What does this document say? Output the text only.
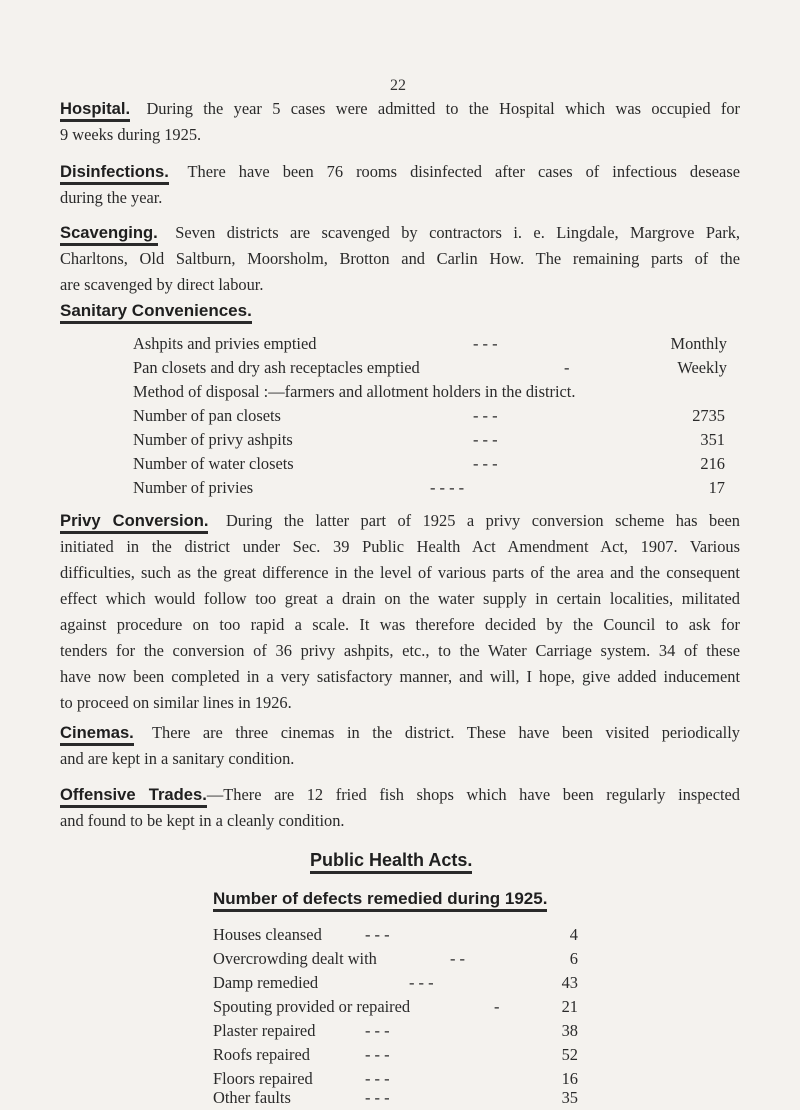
22
Hospital. During the year 5 cases were admitted to the Hospital which was occupied for
9 weeks during 1925.
Disinfections. There have been 76 rooms disinfected after cases of infectious desease
during the year.
Scavenging. Seven districts are scavenged by contractors i. e. Lingdale, Margrove Park,
Charltons, Old Saltburn, Moorsholm, Brotton and Carlin How. The remaining parts of the
are scavenged by direct labour.
Sanitary Conveniences.
Ashpits and privies emptied	- - -	Monthly
Pan closets and dry ash receptacles emptied	-	Weekly
Method of disposal :—farmers and allotment holders in the district.
Number of pan closets	- - -	2735
Number of privy ashpits	- - -	351
Number of water closets	- - -	216
Number of privies	- - - -	17
Privy Conversion. During the latter part of 1925 a privy conversion scheme has been
initiated in the district under Sec. 39 Public Health Act Amendment Act, 1907. Various
difficulties, such as the great difference in the level of various parts of the area and the consequent
effect which would follow too great a drain on the water supply in certain localities, militated
against procedure on too rapid a scale. It was therefore decided by the Council to ask for
tenders for the conversion of 36 privy ashpits, etc., to the Water Carriage system. 34 of these
have now been completed in a very satisfactory manner, and will, I hope, give added inducement
to proceed on similar lines in 1926.
Cinemas. There are three cinemas in the district. These have been visited periodically
and are kept in a sanitary condition.
Offensive Trades.—There are 12 fried fish shops which have been regularly inspected
and found to be kept in a cleanly condition.
Public Health Acts.
Number of defects remedied during 1925.
Houses cleansed	- - -	4
Overcrowding dealt with	- -	6
Damp remedied	- - -	43
Spouting provided or repaired	-	21
Plaster repaired	- - -	38
Roofs repaired	- - -	52
Floors repaired	- - -	16
Other faults	- - -	35
